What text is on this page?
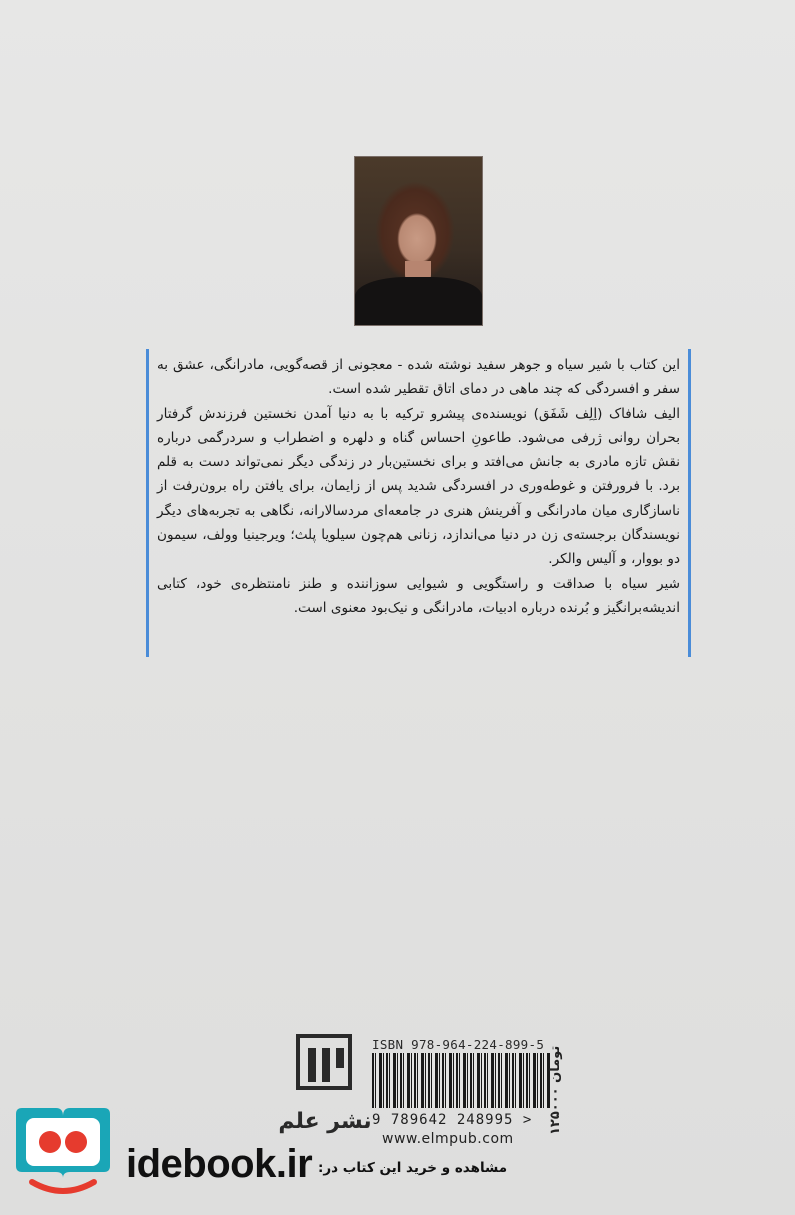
این کتاب با شیر سیاه و جوهر سفید نوشته شده - معجونی از قصه‌گویی، مادرانگی، عشق به سفر و افسردگی که چند ماهی در دمای اتاق تقطیر شده است.

الیف شافاک (اِلِف شَفَق) نویسنده‌ی پیشرو ترکیه با به دنیا آمدن نخستین فرزندش گرفتار بحران روانی ژرفی می‌شود. طاعونِ احساس گناه و دلهره و اضطراب و سردرگمی درباره نقش تازه مادری به جانش می‌افتد و برای نخستین‌بار در زندگی دیگر نمی‌تواند دست به قلم برد. با فرورفتن و غوطه‌وری در افسردگی شدید پس از زایمان، برای یافتن راه برون‌رفت از ناسازگاری میان مادرانگی و آفرینش هنری در جامعه‌ای مردسالارانه، نگاهی به تجربه‌های دیگر نویسندگان برجسته‌ی زن در دنیا می‌اندازد، زنانی هم‌چون سیلویا پلث؛ ویرجینیا وولف، سیمون دو بووار، و آلیس والکر.

شیر سیاه با صداقت و راستگویی و شیوایی سوزاننده و طنز نامنتظره‌ی خود، کتابی اندیشه‌برانگیز و بُرنده درباره ادبیات، مادرانگی و نیک‌بود معنوی است.

نشر علم
ISBN 978-964-224-899-5
9 789642 248995 >
www.elmpub.com
۱۲۵۰۰۰ تومان
idebook.ir مشاهده و خرید این کتاب در:
